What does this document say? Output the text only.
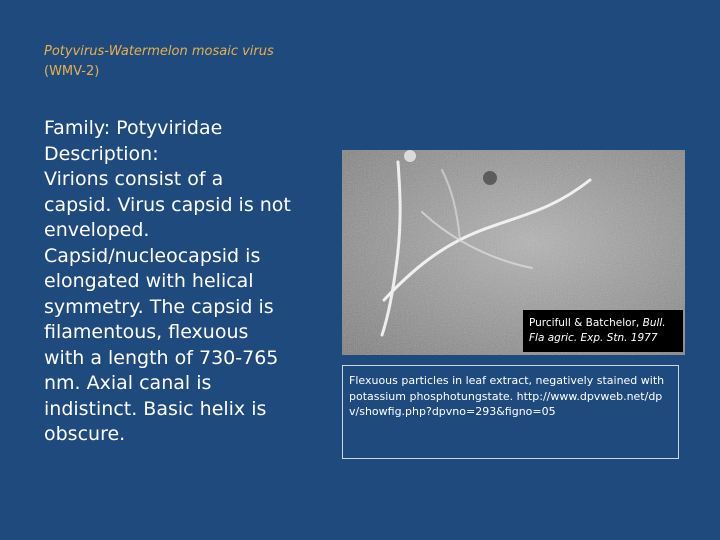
Potyvirus-Watermelon mosaic virus (WMV-2)
Family: Potyviridae
Description:
Virions consist of a capsid. Virus capsid is not enveloped. Capsid/nucleocapsid is elongated with helical symmetry. The capsid is filamentous, flexuous with a length of 730-765 nm. Axial canal is indistinct. Basic helix is obscure.
Purcifull & Batchelor, Bull. Fla agric. Exp. Stn. 1977
Flexuous particles in leaf extract, negatively stained with potassium phosphotungstate. http://www.dpvweb.net/dpv/showfig.php?dpvno=293&figno=05
